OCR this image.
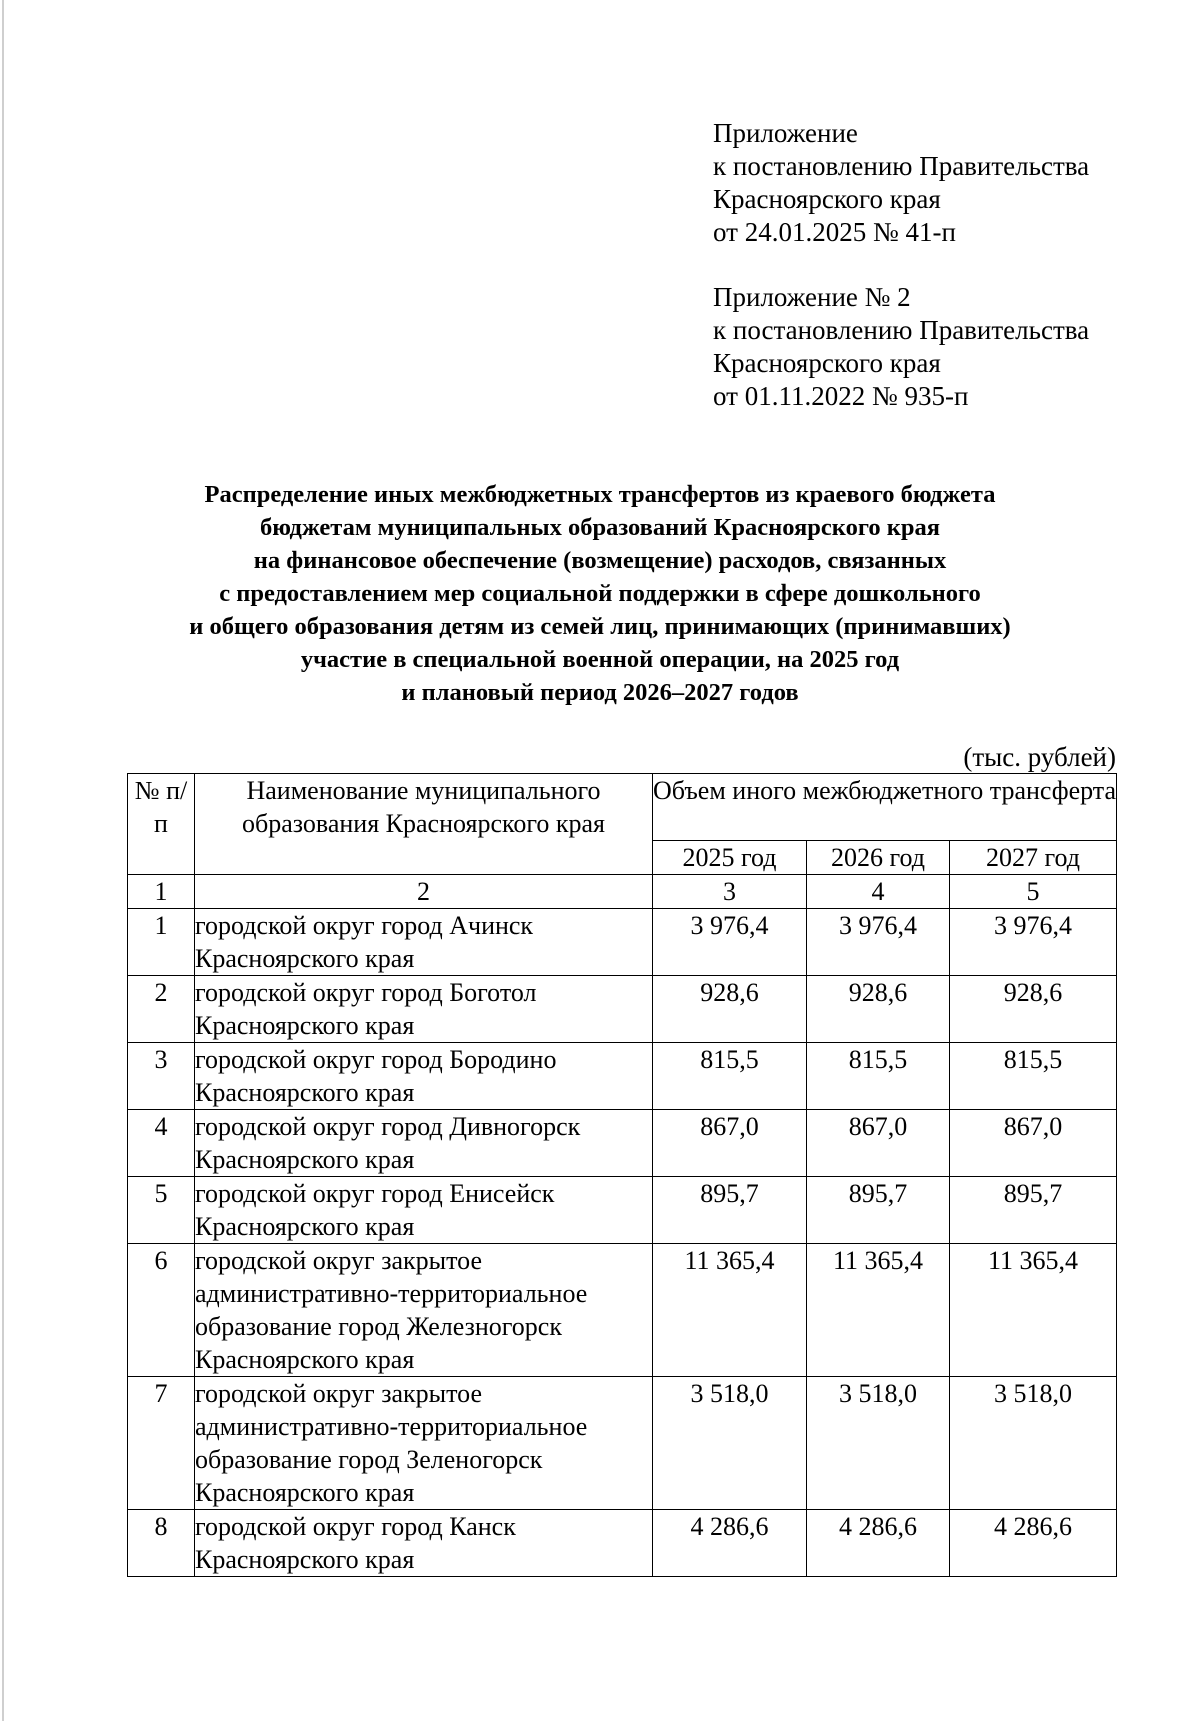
Приложение
к постановлению Правительства
Красноярского края
от 24.01.2025 № 41-п
Приложение № 2
к постановлению Правительства
Красноярского края
от 01.11.2022 № 935-п
Распределение иных межбюджетных трансфертов из краевого бюджета
бюджетам муниципальных образований Красноярского края
на финансовое обеспечение (возмещение) расходов, связанных
с предоставлением мер социальной поддержки в сфере дошкольного
и общего образования детям из семей лиц, принимающих (принимавших)
участие в специальной военной операции, на 2025 год
и плановый период 2026–2027 годов
(тыс. рублей)
№ п/п	Наименование муниципального образования Красноярского края	Объем иного межбюджетного трансферта		
		2025 год	2026 год	2027 год
1	2	3	4	5
1	городской округ город Ачинск Красноярского края	3 976,4	3 976,4	3 976,4
2	городской округ город Боготол Красноярского края	928,6	928,6	928,6
3	городской округ город Бородино Красноярского края	815,5	815,5	815,5
4	городской округ город Дивногорск Красноярского края	867,0	867,0	867,0
5	городской округ город Енисейск Красноярского края	895,7	895,7	895,7
6	городской округ закрытое административно-территориальное образование город Железногорск Красноярского края	11 365,4	11 365,4	11 365,4
7	городской округ закрытое административно-территориальное образование город Зеленогорск Красноярского края	3 518,0	3 518,0	3 518,0
8	городской округ город Канск Красноярского края	4 286,6	4 286,6	4 286,6
